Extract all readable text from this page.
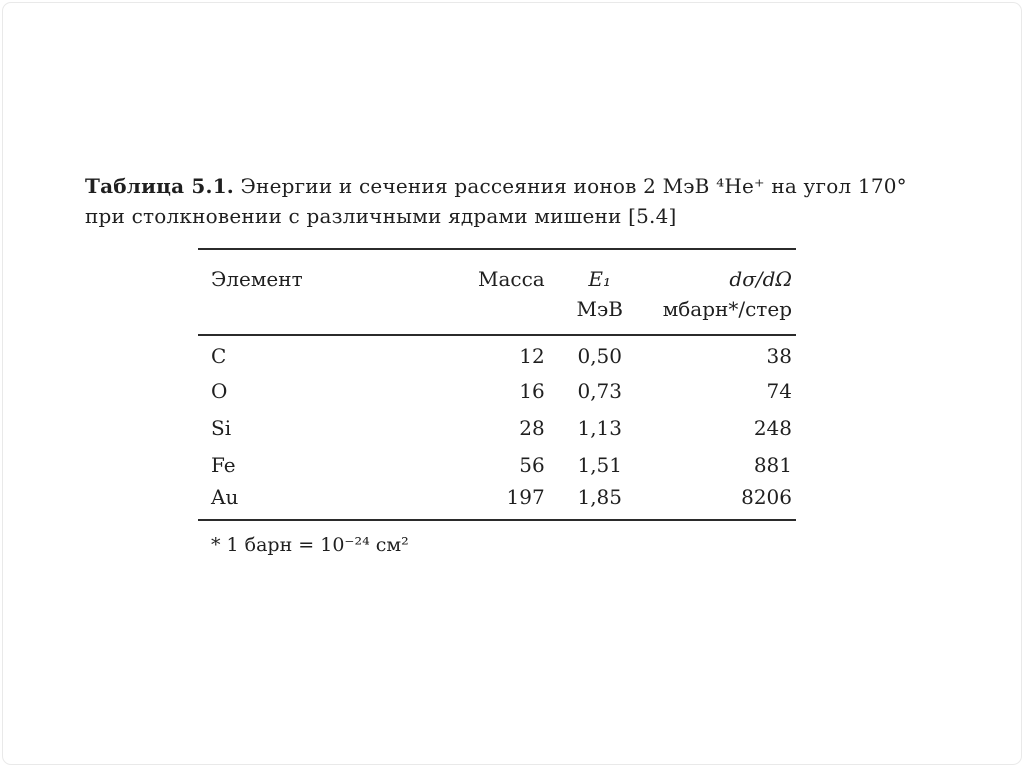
Таблица 5.1. Энергии и сечения рассеяния ионов 2 МэВ ⁴He⁺ на угол 170°
при столкновении с различными ядрами мишени [5.4]
Элемент	Масса	E₁	dσ/dΩ
		МэВ	мбарн*/стер
C	12	0,50	38
O	16	0,73	74
Si	28	1,13	248
Fe	56	1,51	881
Au	197	1,85	8206
* 1 барн = 10⁻²⁴ см²
